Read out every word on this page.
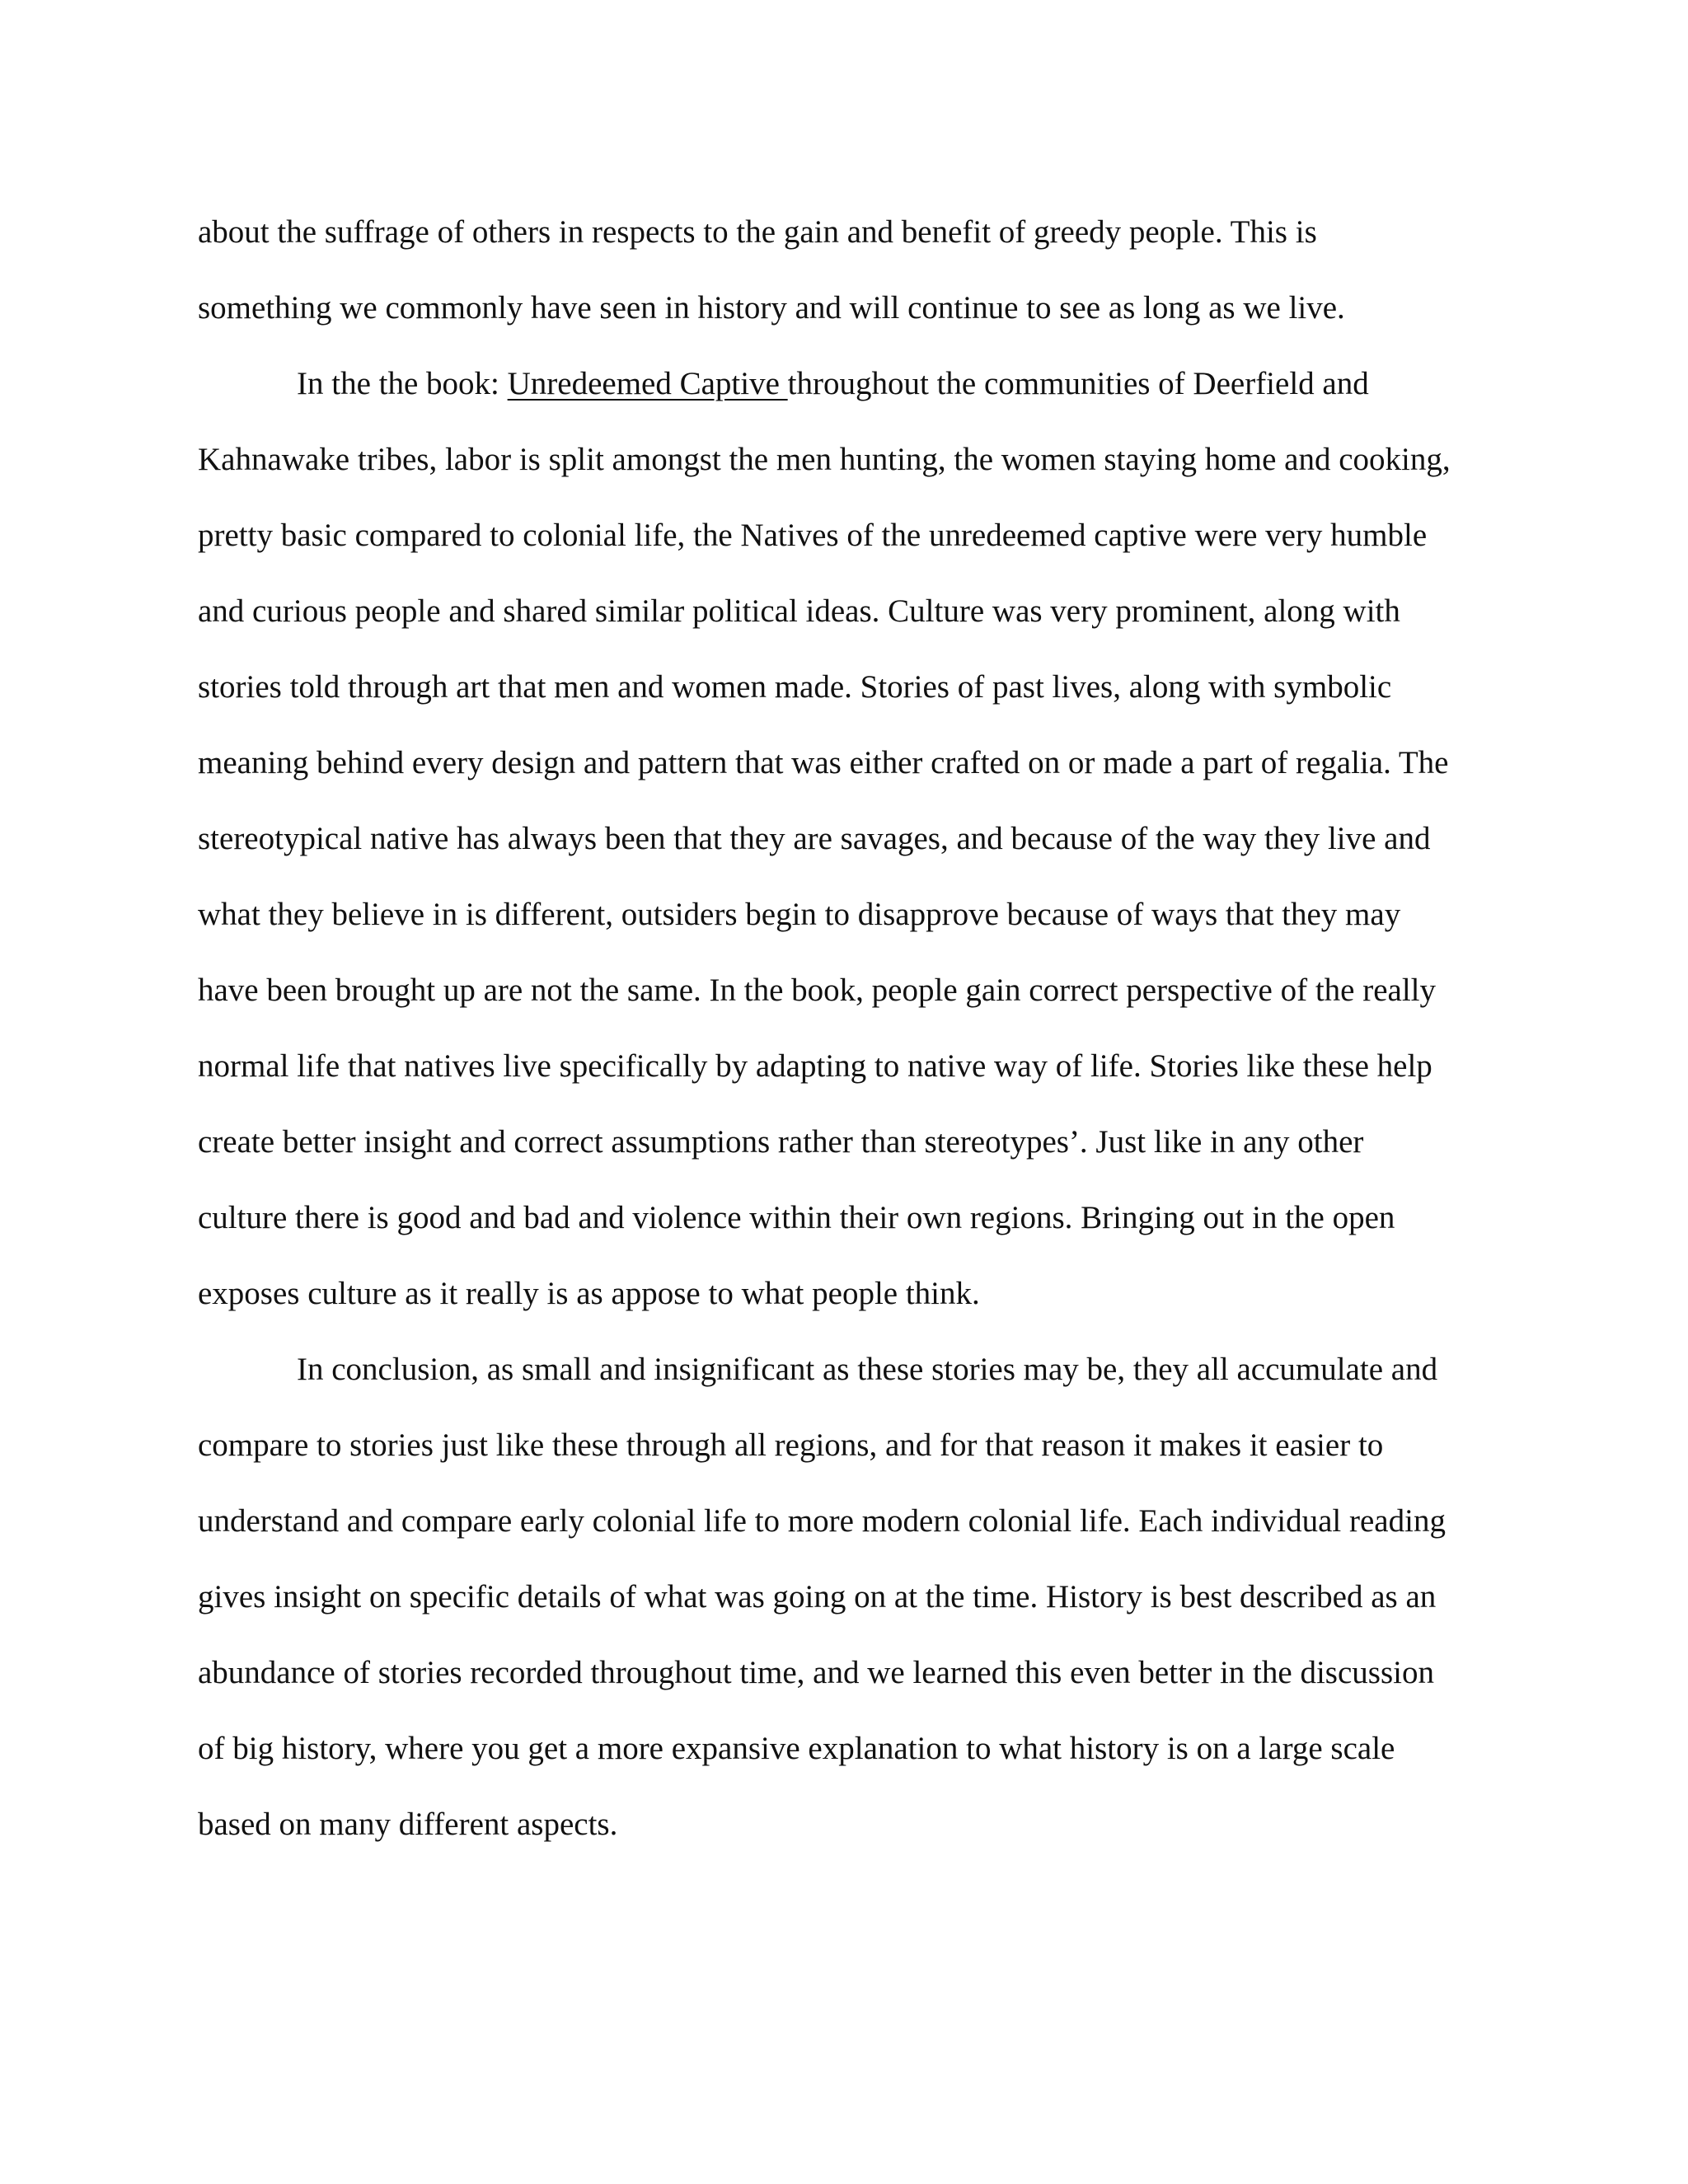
about the suffrage of others in respects to the gain and benefit of greedy people. This is
something we commonly have seen in history and will continue to see as long as we live.
In the the book: Unredeemed Captive throughout the communities of Deerfield and
Kahnawake tribes, labor is split amongst the men hunting, the women staying home and cooking,
pretty basic compared to colonial life, the Natives of the unredeemed captive were very humble
and curious people and shared similar political ideas. Culture was very prominent, along with
stories told through art that men and women made. Stories of past lives, along with symbolic
meaning behind every design and pattern that was either crafted on or made a part of regalia. The
stereotypical native has always been that they are savages, and because of the way they live and
what they believe in is different, outsiders begin to disapprove because of ways that they may
have been brought up are not the same. In the book, people gain correct perspective of the really
normal life that natives live specifically by adapting to native way of life. Stories like these help
create better insight and correct assumptions rather than stereotypes’. Just like in any other
culture there is good and bad and violence within their own regions. Bringing out in the open
exposes culture as it really is as appose to what people think.
In conclusion, as small and insignificant as these stories may be, they all accumulate and
compare to stories just like these through all regions, and for that reason it makes it easier to
understand and compare early colonial life to more modern colonial life. Each individual reading
gives insight on specific details of what was going on at the time. History is best described as an
abundance of stories recorded throughout time, and we learned this even better in the discussion
of big history, where you get a more expansive explanation to what history is on a large scale
based on many different aspects.
